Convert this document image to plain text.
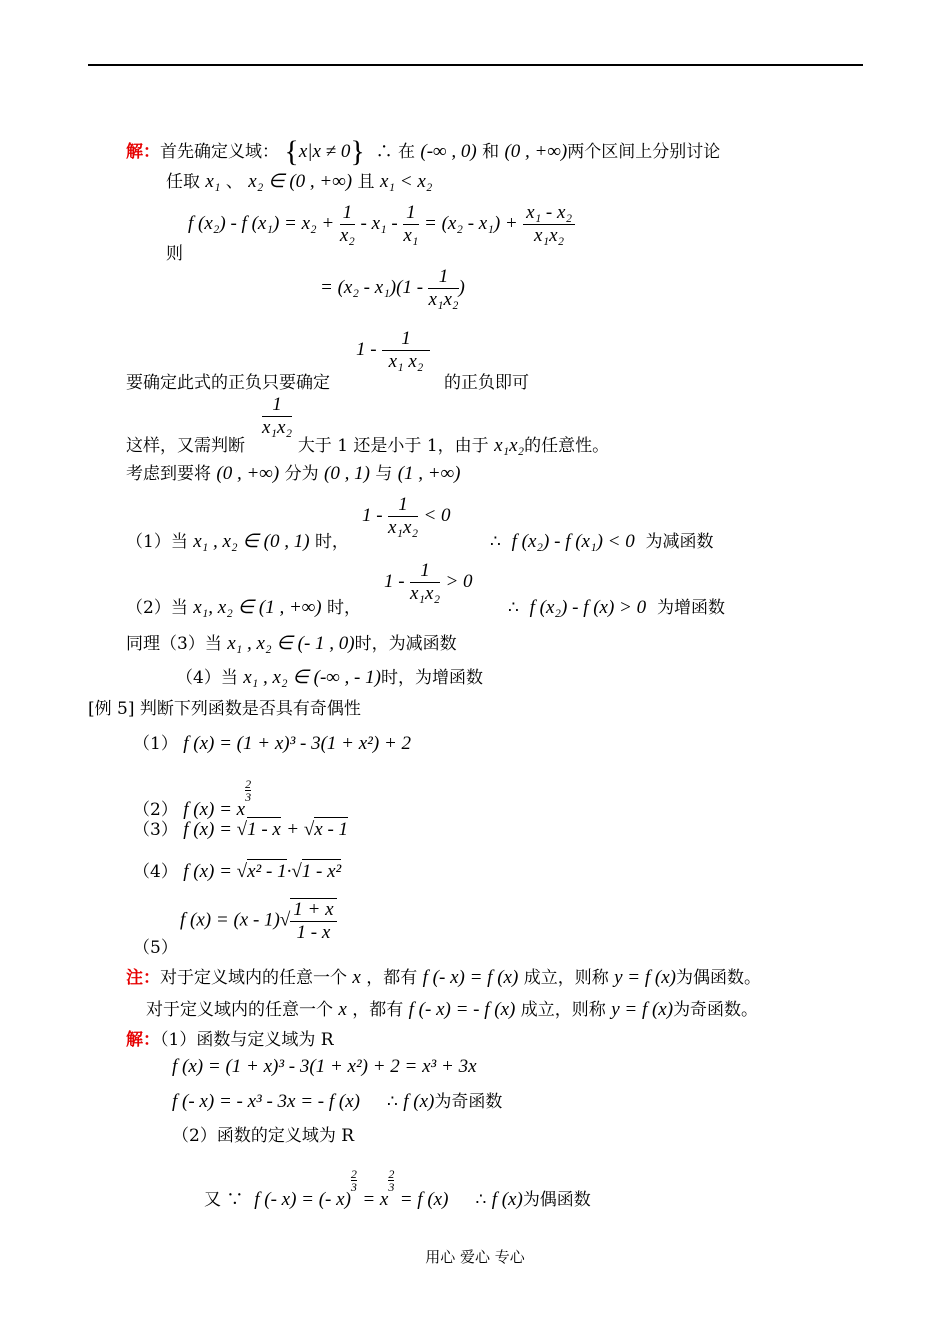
解：首先确定义域： {x|x ≠ 0} ∴ 在 (-∞ , 0) 和 (0 , +∞)两个区间上分别讨论
任取 x₁ 、 x₂ ∈ (0 , +∞) 且 x₁ < x₂
f (x₂) - f $(x_1) = x_2 + \frac{1}{\text{x₂}} - x_1 - \frac{1}{\text{x₁}} = (x_2 - x_1) + \frac{\text{x₁ - x₂}}{\text{x₁x₂}}$
则
= $(x_2 - x_1)(1 - \frac{1}{\text{x₁x₂}}$ )
$1 - \frac{1}{\text{x₁ x₂}}$
要确定此式的正负只要确定	的正负即可
$\frac{1}{\text{x₁x₂}}$
这样，又需判断	大于 1 还是小于 1，由于 x₁x₂的任意性。
考虑到要将 (0 , +∞) 分为 (0 , 1) 与 (1 , +∞)
$1 - \frac{1}{\text{x₁x₂}} < 0$
（1）当 x₁ , x₂ ∈ (0 , 1) 时，	∴ f (x₂) - f (x₁) < 0 为减函数
$1 - \frac{1}{\text{x₁x₂}} > 0$
（2）当 x₁, x₂ ∈ (1 , +∞) 时，	∴ f (x₂) - f (x) > 0 为增函数
同理（3）当 x₁ , x₂ ∈ (- 1 , 0)时，为减函数
（4）当 x₁ , x₂ ∈ (-∞ , - 1)时，为增函数
[例 5] 判断下列函数是否具有奇偶性
（1） f (x) = (1 + x)³ - 3(1 + x²) + 2
（2） f (x) = x
$\frac{2}{3}$
（3） f (x) = √1 - x + √x - 1
（4） f (x) = √x² - 1·√1 - x²
f $(x) = (x - 1)√ \frac{1 + x}{1 - x}$
（5）
注：对于定义域内的任意一个 x ，都有 f (- x) = f (x) 成立，则称 y = f (x)为偶函数。
对于定义域内的任意一个 x ，都有 f (- x) = - f (x) 成立，则称 y = f (x)为奇函数。
解：（1）函数与定义域为 R
f (x) = (1 + x)³ - 3(1 + x²) + 2 = x³ + 3x
f (- x) = - x³ - 3x = - f (x) ∴ f (x)为奇函数
（2）函数的定义域为 R
又 ∵ f (- x) = (- x)
$\frac{2}{3}$
= x
$\frac{2}{3}$
= f (x) ∴ f (x)为偶函数
用心 爱心 专心
